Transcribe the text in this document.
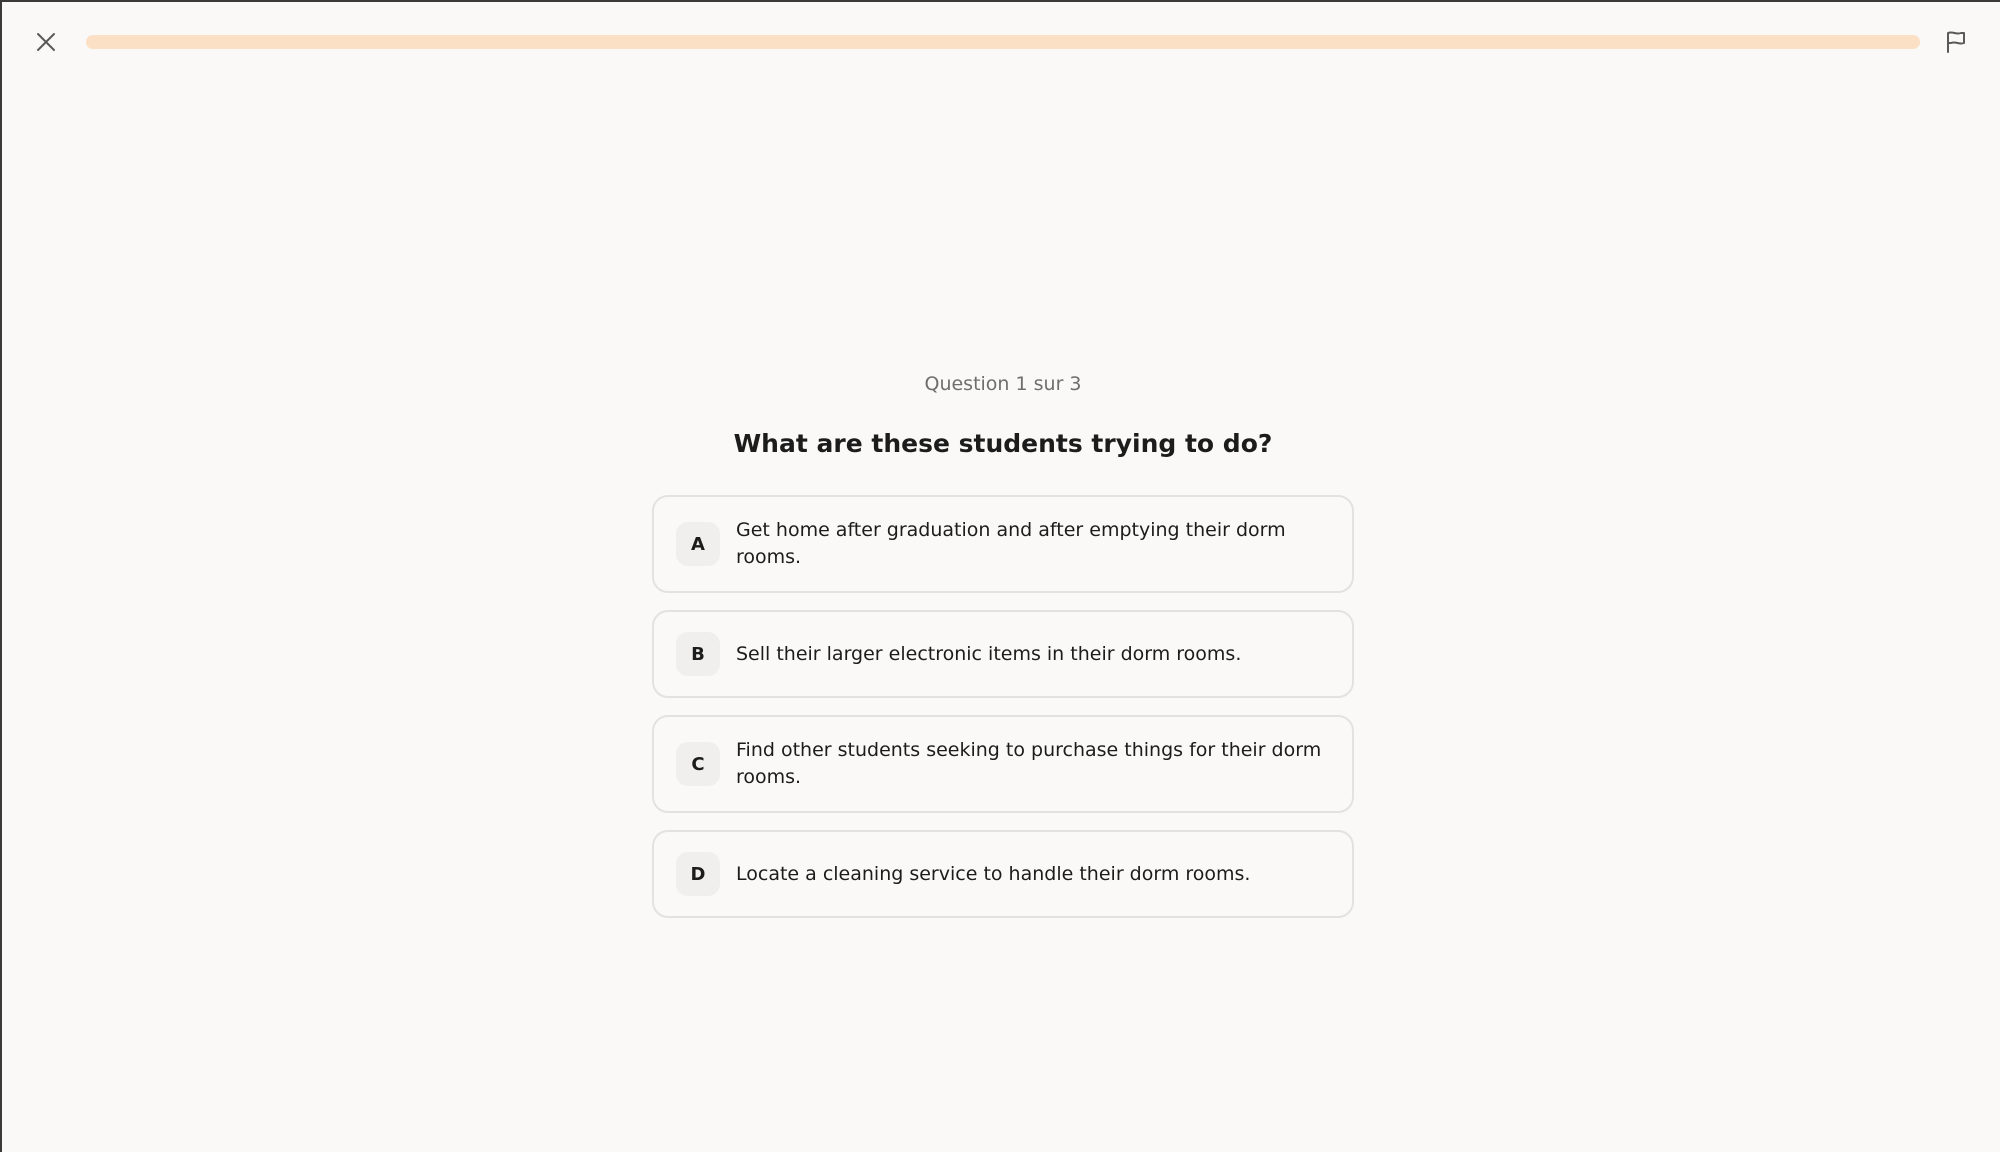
Question 1 sur 3
What are these students trying to do?
A
Get home after graduation and after emptying their dorm rooms.
B	Sell their larger electronic items in their dorm rooms.
C
Find other students seeking to purchase things for their dorm rooms.
D	Locate a cleaning service to handle their dorm rooms.
